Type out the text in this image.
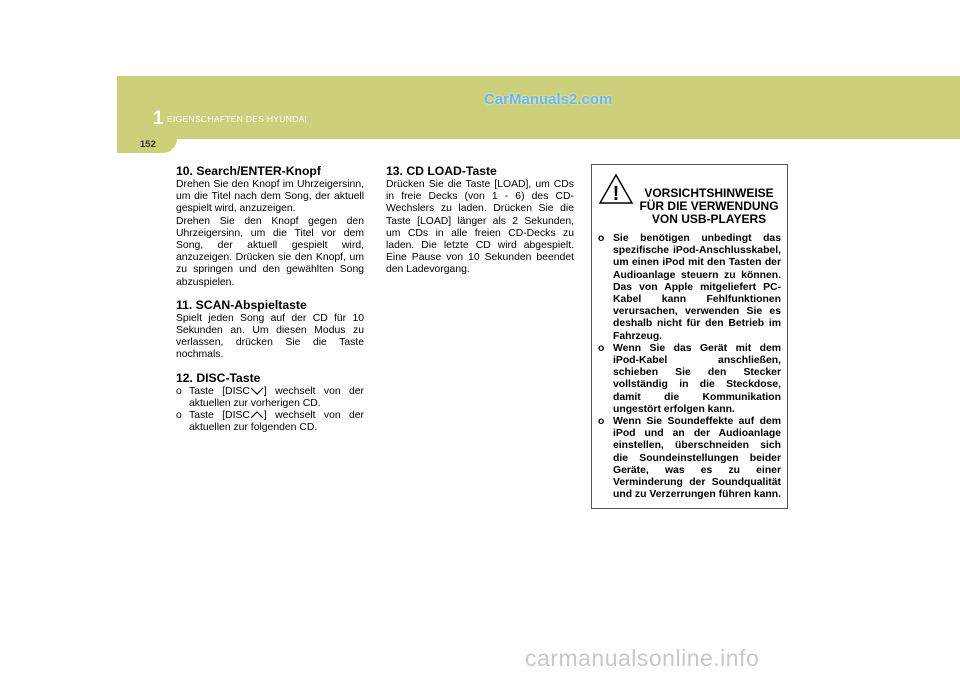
1 EIGENSCHAFTEN DES HYUNDAI
CarManuals2.com
152
10. Search/ENTER-Knopf

Drehen Sie den Knopf im Uhrzeigersinn, um die Titel nach dem Song, der aktuell gespielt wird, anzuzeigen.

Drehen Sie den Knopf gegen den Uhrzeigersinn, um die Titel vor dem Song, der aktuell gespielt wird, anzuzeigen. Drücken sie den Knopf, um zu springen und den gewählten Song abzuspielen.

11. SCAN-Abspieltaste

Spielt jeden Song auf der CD für 10 Sekunden an. Um diesen Modus zu verlassen, drücken Sie die Taste nochmals.

12. DISC-Taste
o Taste [DISC ] wechselt von der aktuellen zur vorherigen CD.
o Taste [DISC ] wechselt von der aktuellen zur folgenden CD.
13. CD LOAD-Taste

Drücken Sie die Taste [LOAD], um CDs in freie Decks (von 1 - 6) des CD-Wechslers zu laden. Drücken Sie die Taste [LOAD] länger als 2 Sekunden, um CDs in alle freien CD-Decks zu laden. Die letzte CD wird abgespielt. Eine Pause von 10 Sekunden beendet den Ladevorgang.

!	VORSICHTSHINWEISE
FÜR DIE VERWENDUNG
VON USB-PLAYERS
o Sie benötigen unbedingt das spezifische iPod-Anschlusskabel, um einen iPod mit den Tasten der Audioanlage steuern zu können. Das von Apple mitgeliefert PC-Kabel kann Fehlfunktionen verursachen, verwenden Sie es deshalb nicht für den Betrieb im Fahrzeug.
o Wenn Sie das Gerät mit dem iPod-Kabel anschließen, schieben Sie den Stecker vollständig in die Steckdose, damit die Kommunikation ungestört erfolgen kann.
o Wenn Sie Soundeffekte auf dem iPod und an der Audioanlage einstellen, überschneiden sich die Soundeinstellungen beider Geräte, was es zu einer Verminderung der Soundqualität und zu Verzerrungen führen kann.
carmanualsonline.info
